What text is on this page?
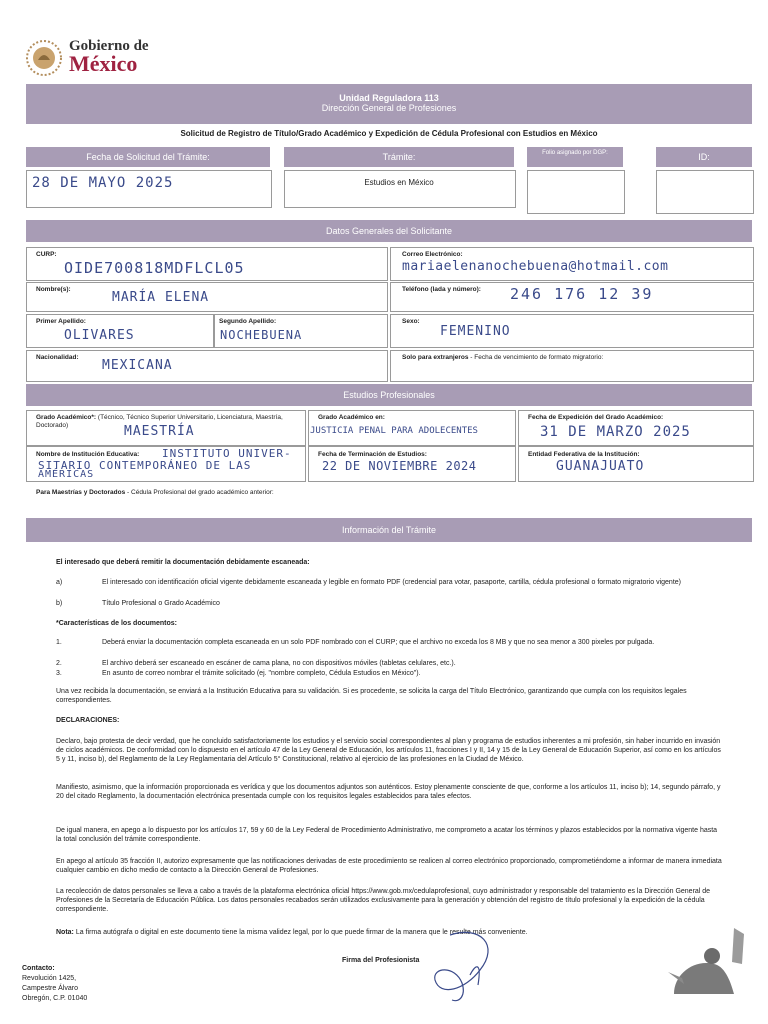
Gobierno de
México
Unidad Reguladora 113
Dirección General de Profesiones
Solicitud de Registro de Título/Grado Académico y Expedición de Cédula Profesional con Estudios en México
Fecha de Solicitud del Trámite:	Trámite:	Folio asignado por DGP:	ID:
28 DE MAYO 2025	Estudios en México
Datos Generales del Solicitante
CURP:
OIDE700818MDFLCL05
Correo Electrónico:
mariaelenanochebuena@hotmail.com
Nombre(s):
MARÍA ELENA
Teléfono (lada y número): 246 176 12 39
Primer Apellido:
OLIVARES
Segundo Apellido:
NOCHEBUENA
Sexo:
FEMENINO
Nacionalidad:
MEXICANA
Solo para extranjeros - Fecha de vencimiento de formato migratorio:
Estudios Profesionales
Grado Académico*: (Técnico, Técnico Superior Universitario, Licenciatura, Maestría, Doctorado)	MAESTRÍA
Grado Académico en:
JUSTICIA PENAL PARA ADOLECENTES
Fecha de Expedición del Grado Académico:
31 DE MARZO 2025
Nombre de Institución Educativa: INSTITUTO UNIVER-
SITARIO CONTEMPORÁNEO DE LAS
AMÉRICAS
Fecha de Terminación de Estudios:
22 DE NOVIEMBRE 2024
Entidad Federativa de la Institución:
GUANAJUATO
Para Maestrías y Doctorados - Cédula Profesional del grado académico anterior:
Información del Trámite
El interesado que deberá remitir la documentación debidamente escaneada:
a)	El interesado con identificación oficial vigente debidamente escaneada y legible en formato PDF (credencial para votar, pasaporte, cartilla, cédula profesional o formato migratorio vigente)
b)	Título Profesional o Grado Académico
*Características de los documentos:
1.	Deberá enviar la documentación completa escaneada en un solo PDF nombrado con el CURP; que el archivo no exceda los 8 MB y que no sea menor a 300 pixeles por pulgada.
2.	El archivo deberá ser escaneado en escáner de cama plana, no con dispositivos móviles (tabletas celulares, etc.).
3.	En asunto de correo nombrar el trámite solicitado (ej. "nombre completo, Cédula Estudios en México").
Una vez recibida la documentación, se enviará a la Institución Educativa para su validación. Si es procedente, se solicita la carga del Título Electrónico, garantizando que cumpla con los requisitos legales correspondientes.
DECLARACIONES:
Declaro, bajo protesta de decir verdad, que he concluido satisfactoriamente los estudios y el servicio social correspondientes al plan y programa de estudios inherentes a mi profesión, sin haber incurrido en invasión de ciclos académicos. De conformidad con lo dispuesto en el artículo 47 de la Ley General de Educación, los artículos 11, fracciones I y II, 14 y 15 de la Ley General de Educación Superior, así como en los artículos 5 y 11, inciso b), del Reglamento de la Ley Reglamentaria del Artículo 5° Constitucional, relativo al ejercicio de las profesiones en la Ciudad de México.
Manifiesto, asimismo, que la información proporcionada es verídica y que los documentos adjuntos son auténticos. Estoy plenamente consciente de que, conforme a los artículos 11, inciso b); 14, segundo párrafo, y 20 del citado Reglamento, la documentación electrónica presentada cumple con los requisitos legales establecidos para tales efectos.
De igual manera, en apego a lo dispuesto por los artículos 17, 59 y 60 de la Ley Federal de Procedimiento Administrativo, me comprometo a acatar los términos y plazos establecidos por la normativa vigente hasta la total conclusión del trámite correspondiente.
En apego al artículo 35 fracción II, autorizo expresamente que las notificaciones derivadas de este procedimiento se realicen al correo electrónico proporcionado, comprometiéndome a informar de manera inmediata cualquier cambio en dicho medio de contacto a la Dirección General de Profesiones.
La recolección de datos personales se lleva a cabo a través de la plataforma electrónica oficial https://www.gob.mx/cedulaprofesional, cuyo administrador y responsable del tratamiento es la Dirección General de Profesiones de la Secretaría de Educación Pública. Los datos personales recabados serán utilizados exclusivamente para la generación y obtención del registro de título profesional y la expedición de la cédula correspondiente.
Nota: La firma autógrafa o digital en este documento tiene la misma validez legal, por lo que puede firmar de la manera que le resulte más conveniente.
Firma del Profesionista
Contacto:
Revolución 1425,
Campestre Álvaro
Obregón, C.P. 01040
